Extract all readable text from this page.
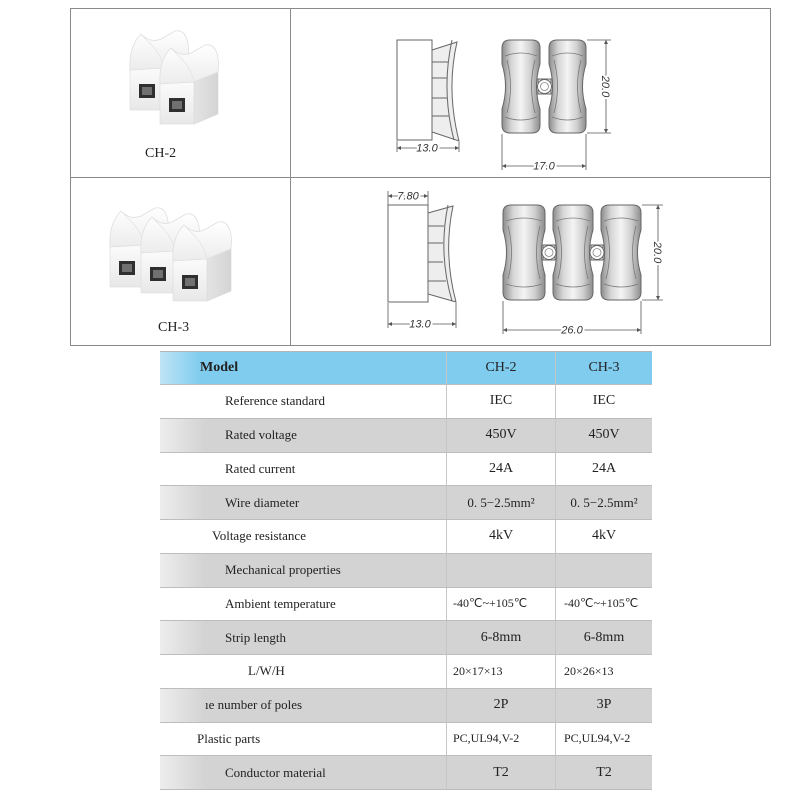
CH-2	13.0
20.0
17.0
CH-3
7.80
13.0
20.0
26.0
Model	CH-2	CH-3
Reference standard	IEC	IEC
Rated voltage	450V	450V
Rated current	24A	24A
Wire diameter	0. 5−2.5mm²	0. 5−2.5mm²
Voltage resistance	4kV	4kV
Mechanical properties
Ambient temperature	-40℃~+105℃	-40℃~+105℃
Strip length	6-8mm	6-8mm
L/W/H	20×17×13	20×26×13
ıe number of poles	2P	3P
Plastic parts	PC,UL94,V-2	PC,UL94,V-2
Conductor material	T2	T2
